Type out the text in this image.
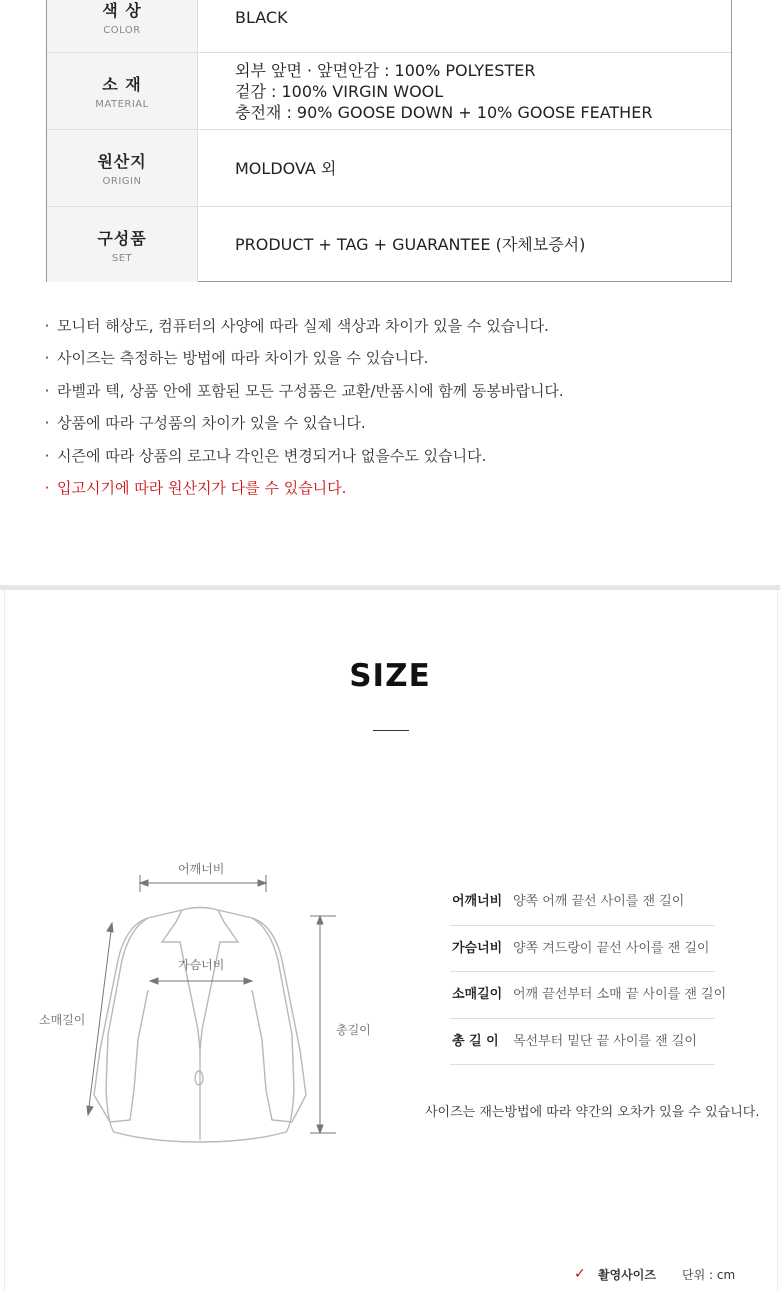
색 상
COLOR
BLACK
소 재
MATERIAL
외부 앞면 · 앞면안감 : 100% POLYESTER
겉감 : 100% VIRGIN WOOL
충전재 : 90% GOOSE DOWN + 10% GOOSE FEATHER
원산지
ORIGIN
MOLDOVA 외
구성품
SET
PRODUCT + TAG + GUARANTEE (자체보증서)
· 모니터 해상도, 컴퓨터의 사양에 따라 실제 색상과 차이가 있을 수 있습니다.
· 사이즈는 측정하는 방법에 따라 차이가 있을 수 있습니다.
· 라벨과 텍, 상품 안에 포함된 모든 구성품은 교환/반품시에 함께 동봉바랍니다.
· 상품에 따라 구성품의 차이가 있을 수 있습니다.
· 시즌에 따라 상품의 로고나 각인은 변경되거나 없을수도 있습니다.
· 입고시기에 따라 원산지가 다를 수 있습니다.
SIZE
어깨너비
가슴너비
소매길이
총길이
어깨너비 양쪽 어깨 끝선 사이를 잰 길이
가슴너비 양쪽 겨드랑이 끝선 사이를 잰 길이
소매길이 어깨 끝선부터 소매 끝 사이를 잰 길이
총 길 이 목선부터 밑단 끝 사이를 잰 길이
사이즈는 재는방법에 따라 약간의 오차가 있을 수 있습니다.
✓ 촬영사이즈 단위 : cm
